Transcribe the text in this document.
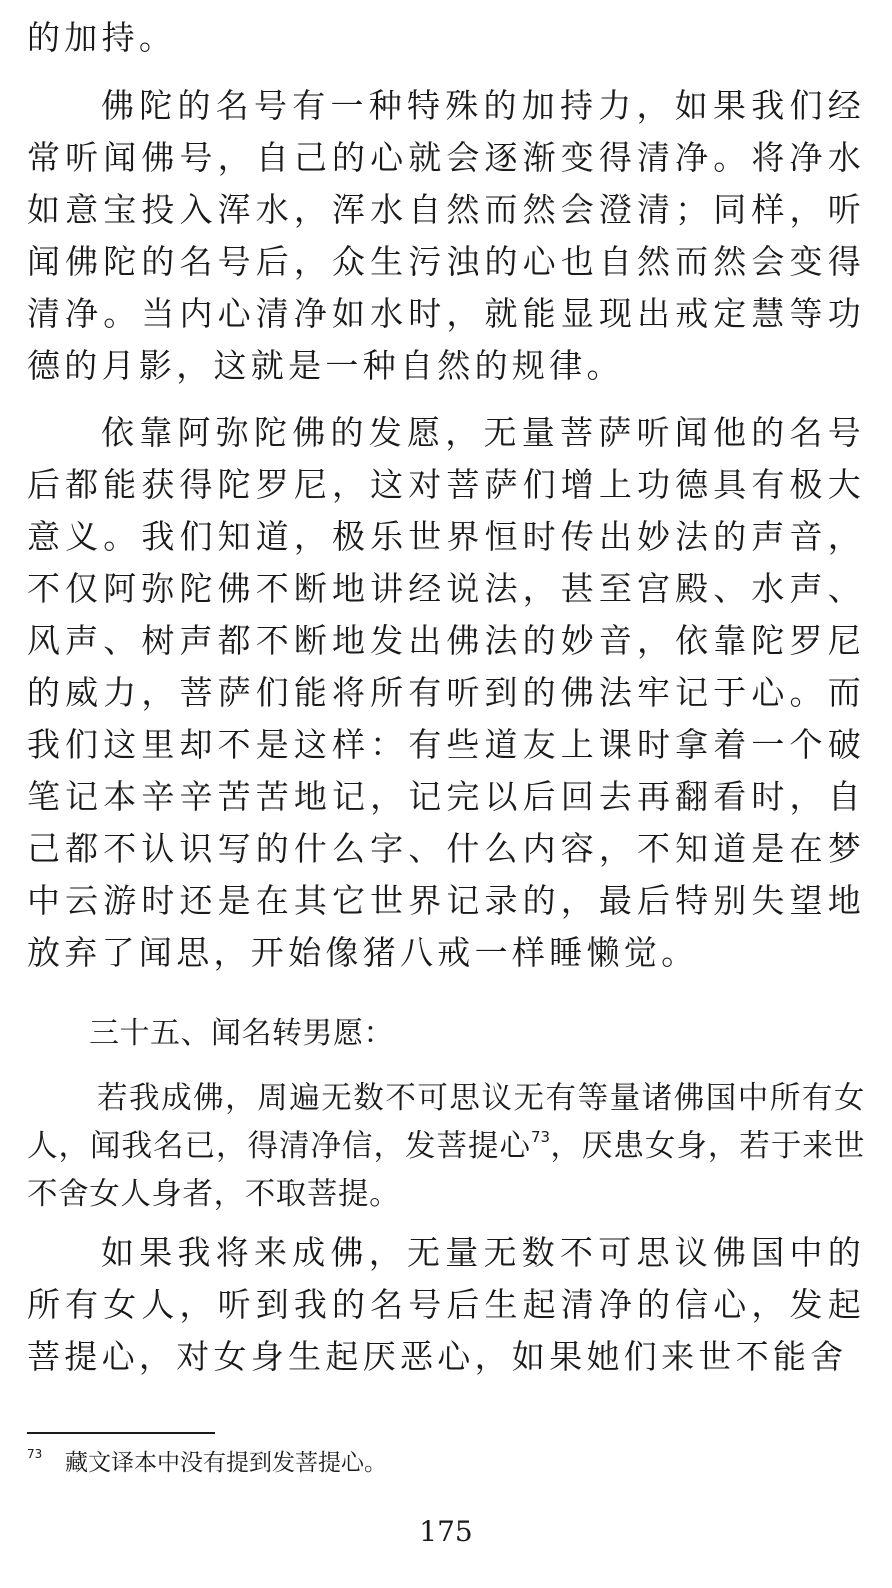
的加持。

佛陀的名号有一种特殊的加持力，如果我们经常听闻佛号，自己的心就会逐渐变得清净。将净水如意宝投入浑水，浑水自然而然会澄清；同样，听闻佛陀的名号后，众生污浊的心也自然而然会变得清净。当内心清净如水时，就能显现出戒定慧等功德的月影，这就是一种自然的规律。

依靠阿弥陀佛的发愿，无量菩萨听闻他的名号后都能获得陀罗尼，这对菩萨们增上功德具有极大意义。我们知道，极乐世界恒时传出妙法的声音，不仅阿弥陀佛不断地讲经说法，甚至宫殿、水声、风声、树声都不断地发出佛法的妙音，依靠陀罗尼的威力，菩萨们能将所有听到的佛法牢记于心。而我们这里却不是这样：有些道友上课时拿着一个破笔记本辛辛苦苦地记，记完以后回去再翻看时，自己都不认识写的什么字、什么内容，不知道是在梦中云游时还是在其它世界记录的，最后特别失望地放弃了闻思，开始像猪八戒一样睡懒觉。

三十五、闻名转男愿：

若我成佛，周遍无数不可思议无有等量诸佛国中所有女人，闻我名已，得清净信，发菩提心$^{73}$，厌患女身，若于来世不舍女人身者，不取菩提。

如果我将来成佛，无量无数不可思议佛国中的所有女人，听到我的名号后生起清净的信心，发起菩提心，对女身生起厌恶心，如果她们来世不能舍

73 藏文译本中没有提到发菩提心。

175
